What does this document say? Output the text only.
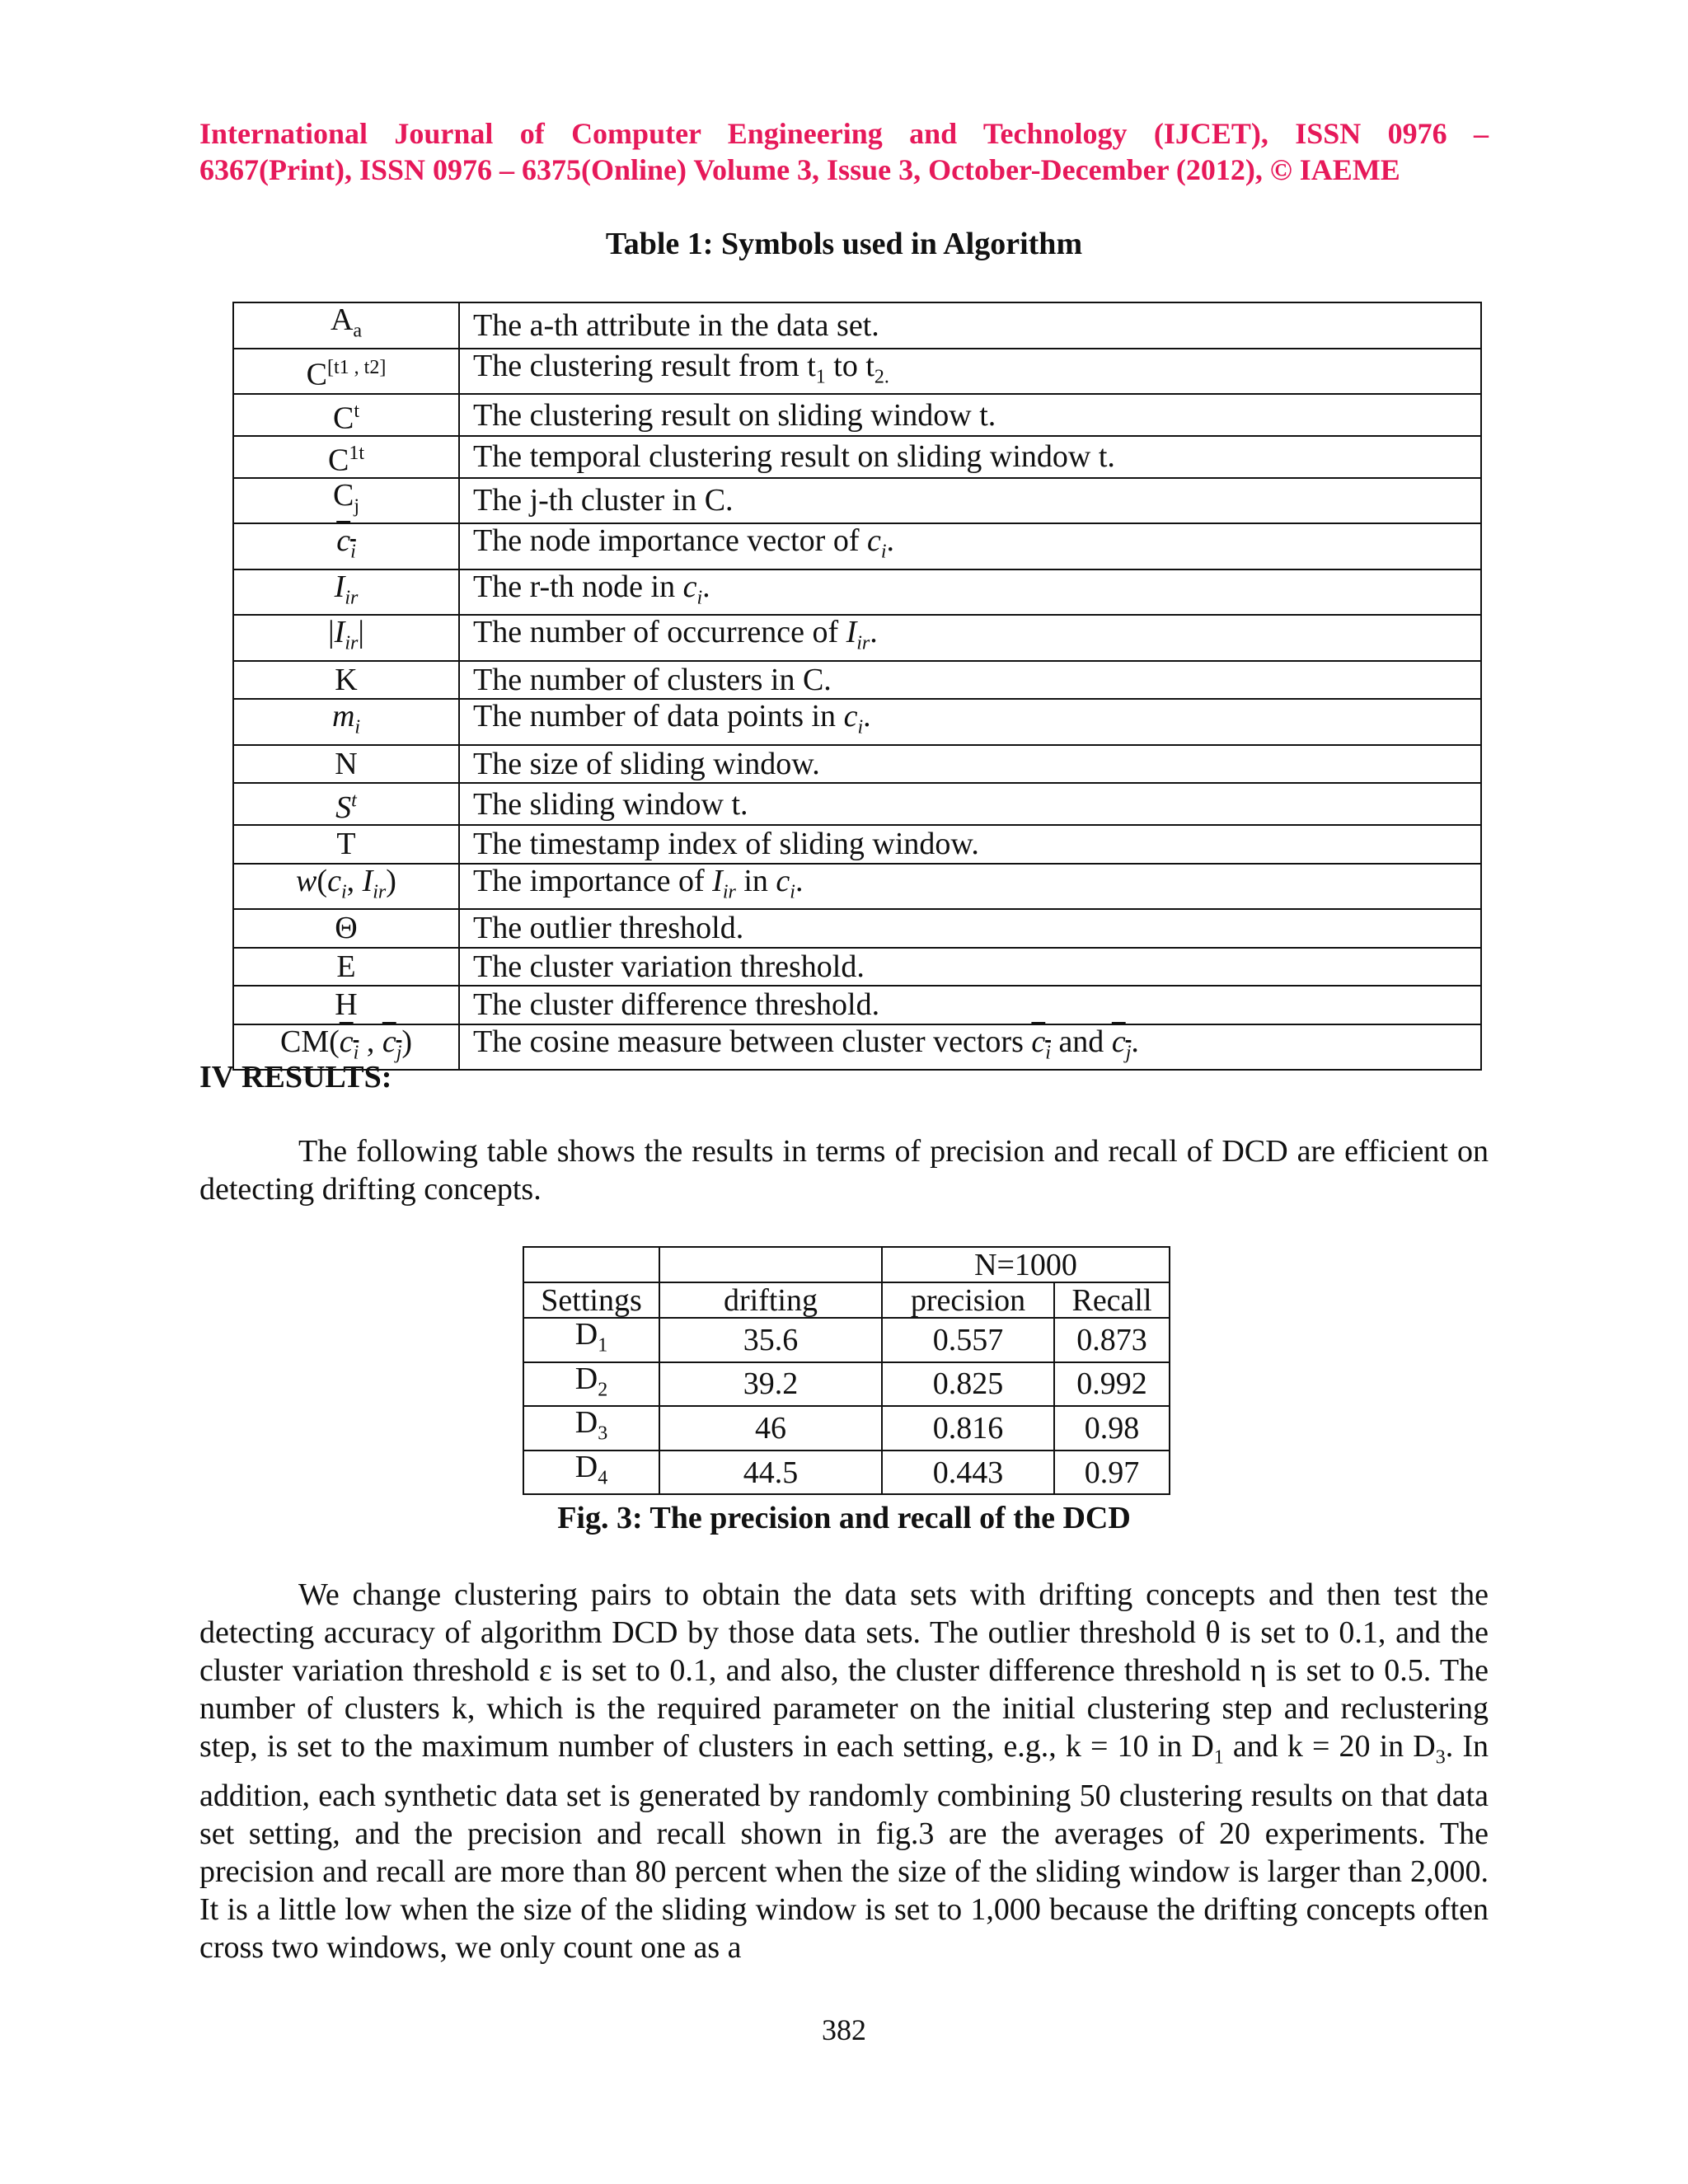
International Journal of Computer Engineering and Technology (IJCET), ISSN 0976 –
6367(Print), ISSN 0976 – 6375(Online) Volume 3, Issue 3, October-December (2012), © IAEME
Table 1: Symbols used in Algorithm
$A_a$	The a-th attribute in the data set.
C[t1 , t2]	The clustering result from $t_1$ to $t_{2.}$
$C^t$	The clustering result on sliding window t.
$C^{1t}$	The temporal clustering result on sliding window t.
$C_j$	The j-th cluster in C.
$c_i$	The node importance vector of $c_i$.
$I_{ir}$	The r-th node in $c_i$.
$|I_{ir}|$	The number of occurrence of $I_{ir}$.
K	The number of clusters in C.
$m_i$	The number of data points in $c_i$.
N	The size of sliding window.
$S^t$	The sliding window t.
T	The timestamp index of sliding window.
$w(c_i$, $I_{ir}$)	The importance of $I_{ir}$ in $c_i$.
Θ	The outlier threshold.
E	The cluster variation threshold.
H	The cluster difference threshold.
$CM(c_i$ , $c_j$)	The cosine measure between cluster vectors $c_i$ and $c_j$.
IV RESULTS:
The following table shows the results in terms of precision and recall of DCD are efficient on detecting drifting concepts.
		N=1000	
Settings	drifting	precision	Recall
$D_1$	35.6	0.557	0.873
$D_2$	39.2	0.825	0.992
$D_3$	46	0.816	0.98
$D_4$	44.5	0.443	0.97
Fig. 3: The precision and recall of the DCD
We change clustering pairs to obtain the data sets with drifting concepts and then test the detecting accuracy of algorithm DCD by those data sets. The outlier threshold θ is set to 0.1, and the cluster variation threshold ε is set to 0.1, and also, the cluster difference threshold η is set to 0.5. The number of clusters k, which is the required parameter on the initial clustering step and reclustering step, is set to the maximum number of clusters in each setting, e.g., k = 10 in $D_1$ and k = 20 in $D_3$. In addition, each synthetic data set is generated by randomly combining 50 clustering results on that data set setting, and the precision and recall shown in fig.3 are the averages of 20 experiments. The precision and recall are more than 80 percent when the size of the sliding window is larger than 2,000. It is a little low when the size of the sliding window is set to 1,000 because the drifting concepts often cross two windows, we only count one as a
382
